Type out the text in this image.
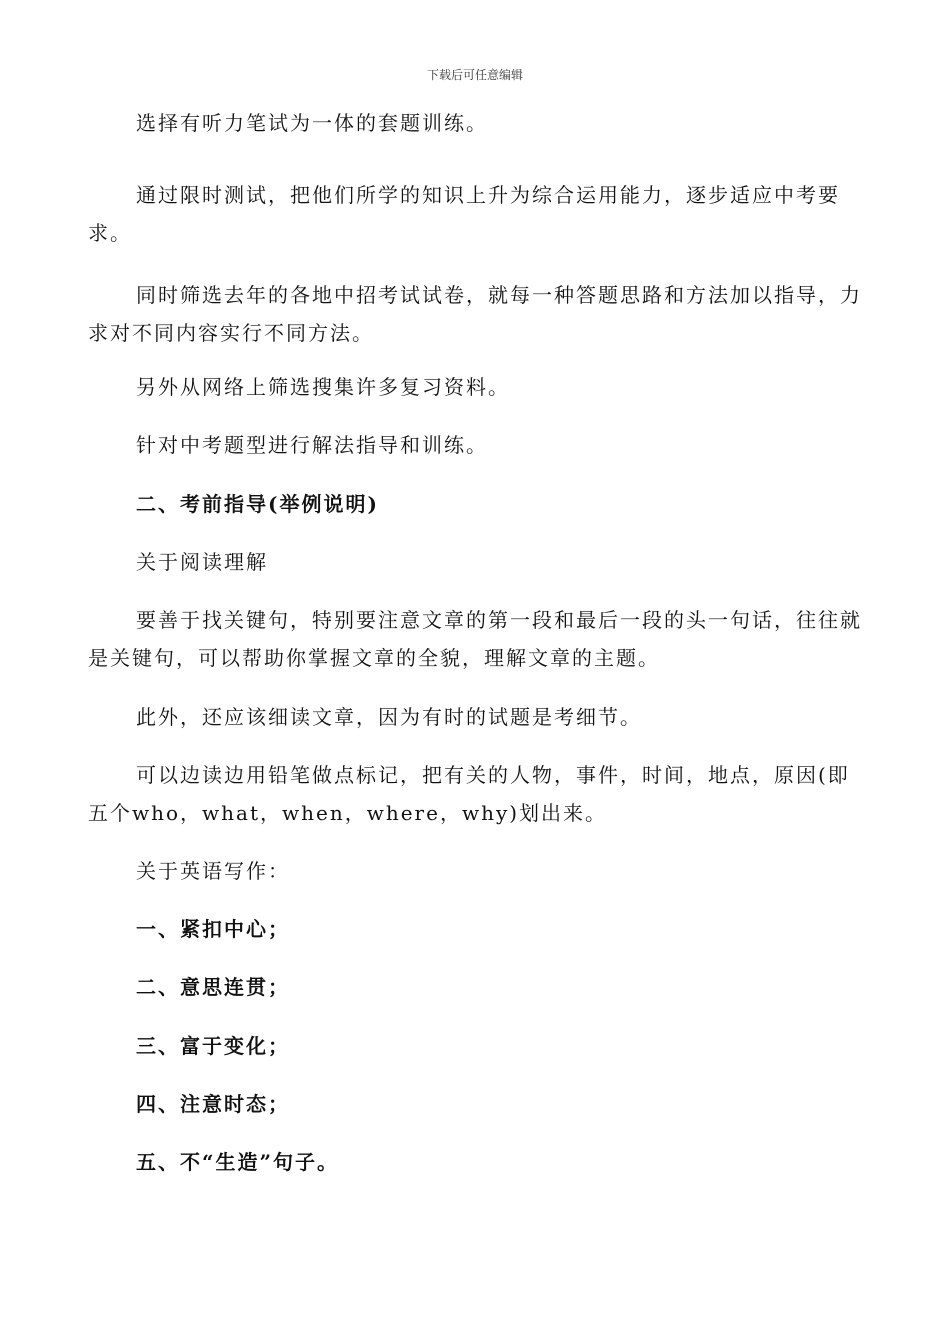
下载后可任意编辑

选择有听力笔试为一体的套题训练。

通过限时测试，把他们所学的知识上升为综合运用能力，逐步适应中考要求。

同时筛选去年的各地中招考试试卷，就每一种答题思路和方法加以指导，力求对不同内容实行不同方法。

另外从网络上筛选搜集许多复习资料。

针对中考题型进行解法指导和训练。

二、考前指导(举例说明)

关于阅读理解

要善于找关键句，特别要注意文章的第一段和最后一段的头一句话，往往就是关键句，可以帮助你掌握文章的全貌，理解文章的主题。

此外，还应该细读文章，因为有时的试题是考细节。

可以边读边用铅笔做点标记，把有关的人物，事件，时间，地点，原因(即五个who，what，when，where，why)划出来。

关于英语写作：

一、紧扣中心；

二、意思连贯；

三、富于变化；

四、注意时态；

五、不“生造”句子。
